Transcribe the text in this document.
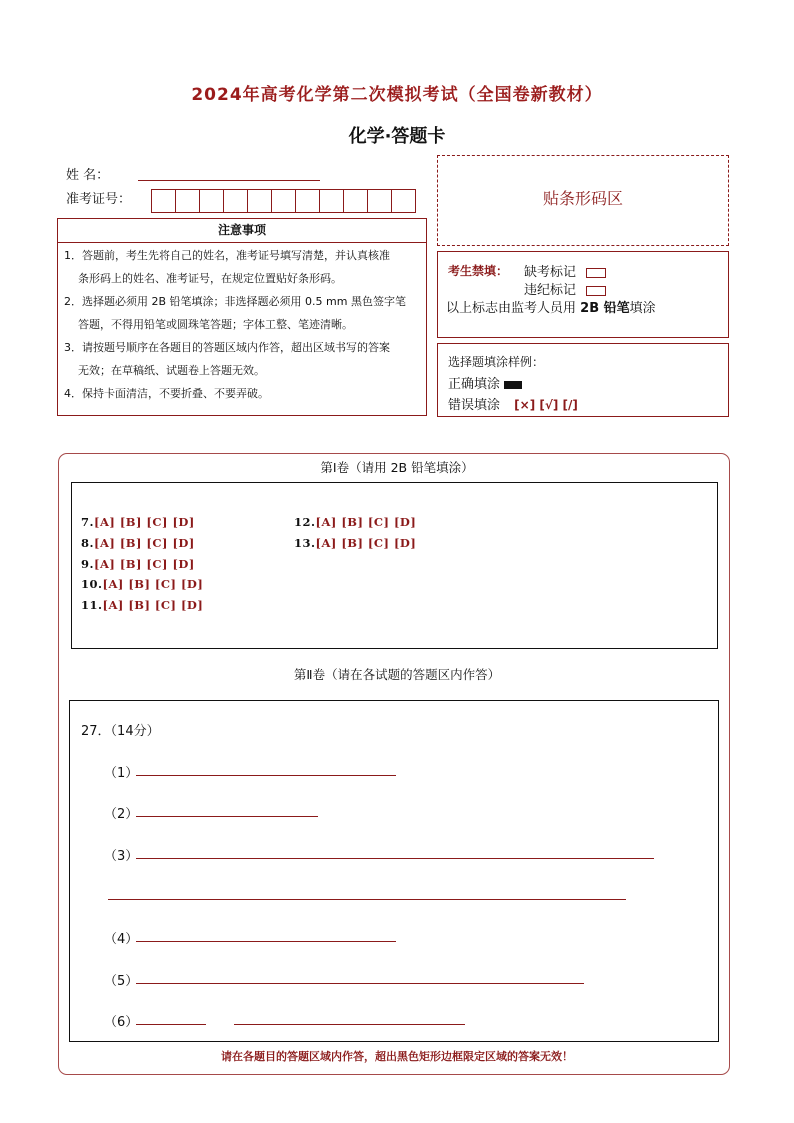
2024年高考化学第二次模拟考试（全国卷新教材）
化学·答题卡
姓 名：
准考证号：	贴条形码区
注意事项
1．答题前，考生先将自己的姓名，准考证号填写清楚，并认真核准
条形码上的姓名、准考证号，在规定位置贴好条形码。
2．选择题必须用 2B 铅笔填涂；非选择题必须用 0.5 mm 黑色签字笔
答题，不得用铅笔或圆珠笔答题；字体工整、笔迹清晰。
3．请按题号顺序在各题目的答题区域内作答，超出区域书写的答案
无效；在草稿纸、试题卷上答题无效。
4．保持卡面清洁，不要折叠、不要弄破。
考生禁填： 缺考标记
违纪标记
以上标志由监考人员用 2B 铅笔填涂
选择题填涂样例：
正确填涂
错误填涂 [×] [√] [/]
第Ⅰ卷（请用 2B 铅笔填涂）
7.[A] [B] [C] [D]
8.[A] [B] [C] [D]
9.[A] [B] [C] [D]
10.[A] [B] [C] [D]
11.[A] [B] [C] [D]
12.[A] [B] [C] [D]
13.[A] [B] [C] [D]
第Ⅱ卷（请在各试题的答题区内作答）
27．（14分）
（1）
（2）
（3）
（4）
（5）
（6）
请在各题目的答题区域内作答，超出黑色矩形边框限定区域的答案无效！
